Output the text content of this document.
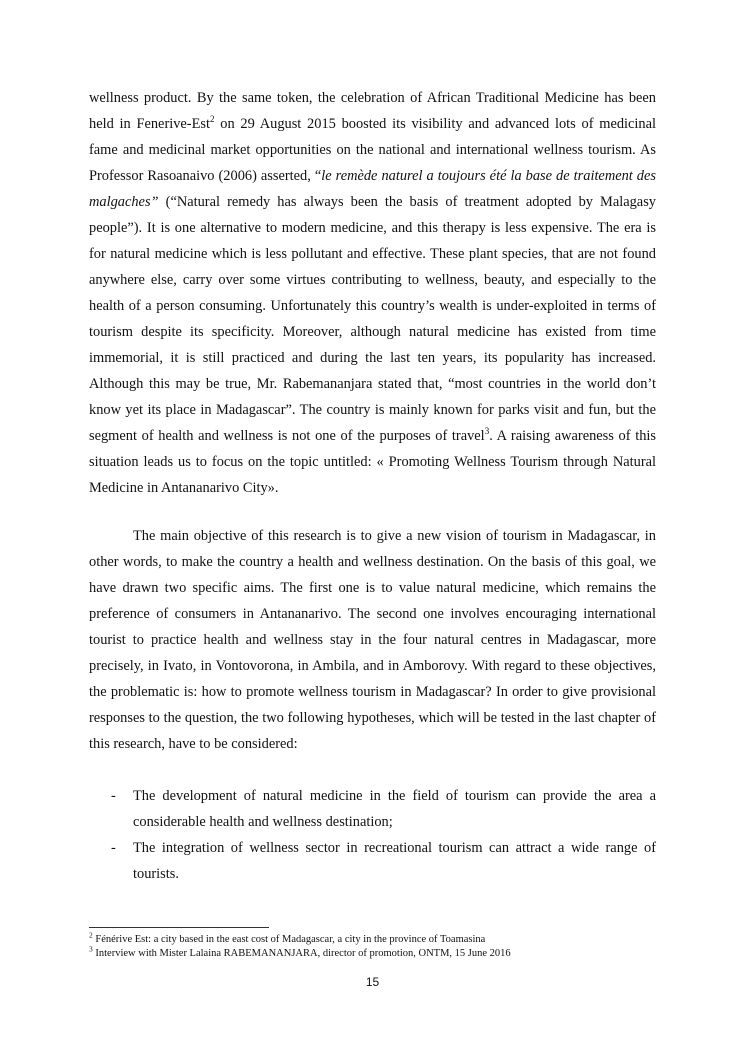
wellness product. By the same token, the celebration of African Traditional Medicine has been held in Fenerive-Est$^2$ on 29 August 2015 boosted its visibility and advanced lots of medicinal fame and medicinal market opportunities on the national and international wellness tourism. As Professor Rasoanaivo (2006) asserted, “le remède naturel a toujours été la base de traitement des malgaches” (“Natural remedy has always been the basis of treatment adopted by Malagasy people”). It is one alternative to modern medicine, and this therapy is less expensive. The era is for natural medicine which is less pollutant and effective. These plant species, that are not found anywhere else, carry over some virtues contributing to wellness, beauty, and especially to the health of a person consuming. Unfortunately this country’s wealth is under-exploited in terms of tourism despite its specificity. Moreover, although natural medicine has existed from time immemorial, it is still practiced and during the last ten years, its popularity has increased. Although this may be true, Mr. Rabemananjara stated that, “most countries in the world don’t know yet its place in Madagascar”. The country is mainly known for parks visit and fun, but the segment of health and wellness is not one of the purposes of travel$^3$. A raising awareness of this situation leads us to focus on the topic untitled: « Promoting Wellness Tourism through Natural Medicine in Antananarivo City».

The main objective of this research is to give a new vision of tourism in Madagascar, in other words, to make the country a health and wellness destination. On the basis of this goal, we have drawn two specific aims. The first one is to value natural medicine, which remains the preference of consumers in Antananarivo. The second one involves encouraging international tourist to practice health and wellness stay in the four natural centres in Madagascar, more precisely, in Ivato, in Vontovorona, in Ambila, and in Amborovy. With regard to these objectives, the problematic is: how to promote wellness tourism in Madagascar? In order to give provisional responses to the question, the two following hypotheses, which will be tested in the last chapter of this research, have to be considered:

- The development of natural medicine in the field of tourism can provide the area a considerable health and wellness destination;
- The integration of wellness sector in recreational tourism can attract a wide range of tourists.
$^2$ Fénérive Est: a city based in the east cost of Madagascar, a city in the province of Toamasina
$^3$ Interview with Mister Lalaina RABEMANANJARA, director of promotion, ONTM, 15 June 2016
15
